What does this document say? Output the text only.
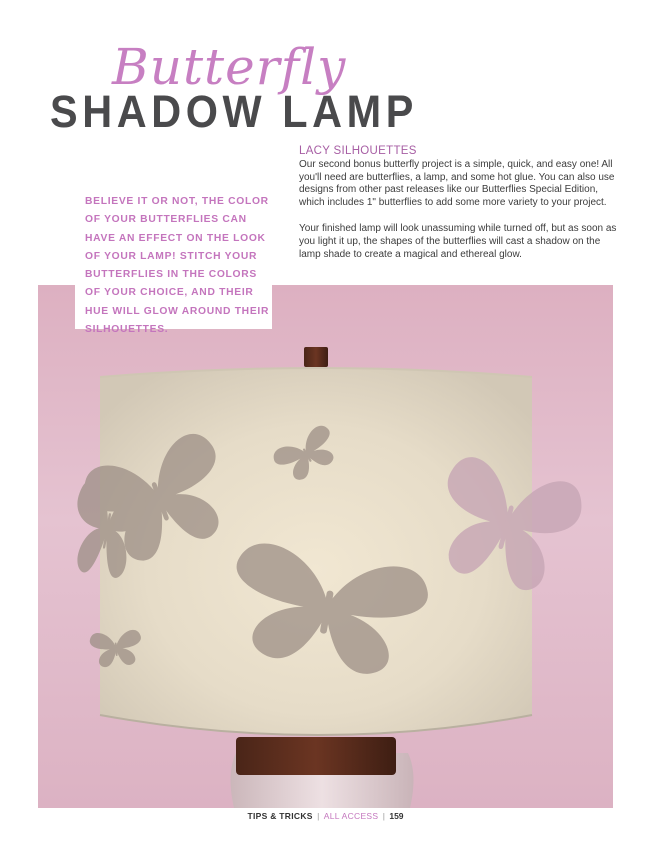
Butterfly
SHADOW LAMP
LACY SILHOUETTES

Our second bonus butterfly project is a simple, quick, and easy one! All you'll need are butterflies, a lamp, and some hot glue. You can also use designs from other past releases like our Butterflies Special Edition, which includes 1" butterflies to add some more variety to your project.

Your finished lamp will look unassuming while turned off, but as soon as you light it up, the shapes of the butterflies will cast a shadow on the lamp shade to create a magical and ethereal glow.

BELIEVE IT OR NOT, THE COLOR OF YOUR BUTTERFLIES CAN HAVE AN EFFECT ON THE LOOK OF YOUR LAMP! STITCH YOUR BUTTERFLIES IN THE COLORS OF YOUR CHOICE, AND THEIR HUE WILL GLOW AROUND THEIR SILHOUETTES.
TIPS & TRICKS | ALL ACCESS | 159
